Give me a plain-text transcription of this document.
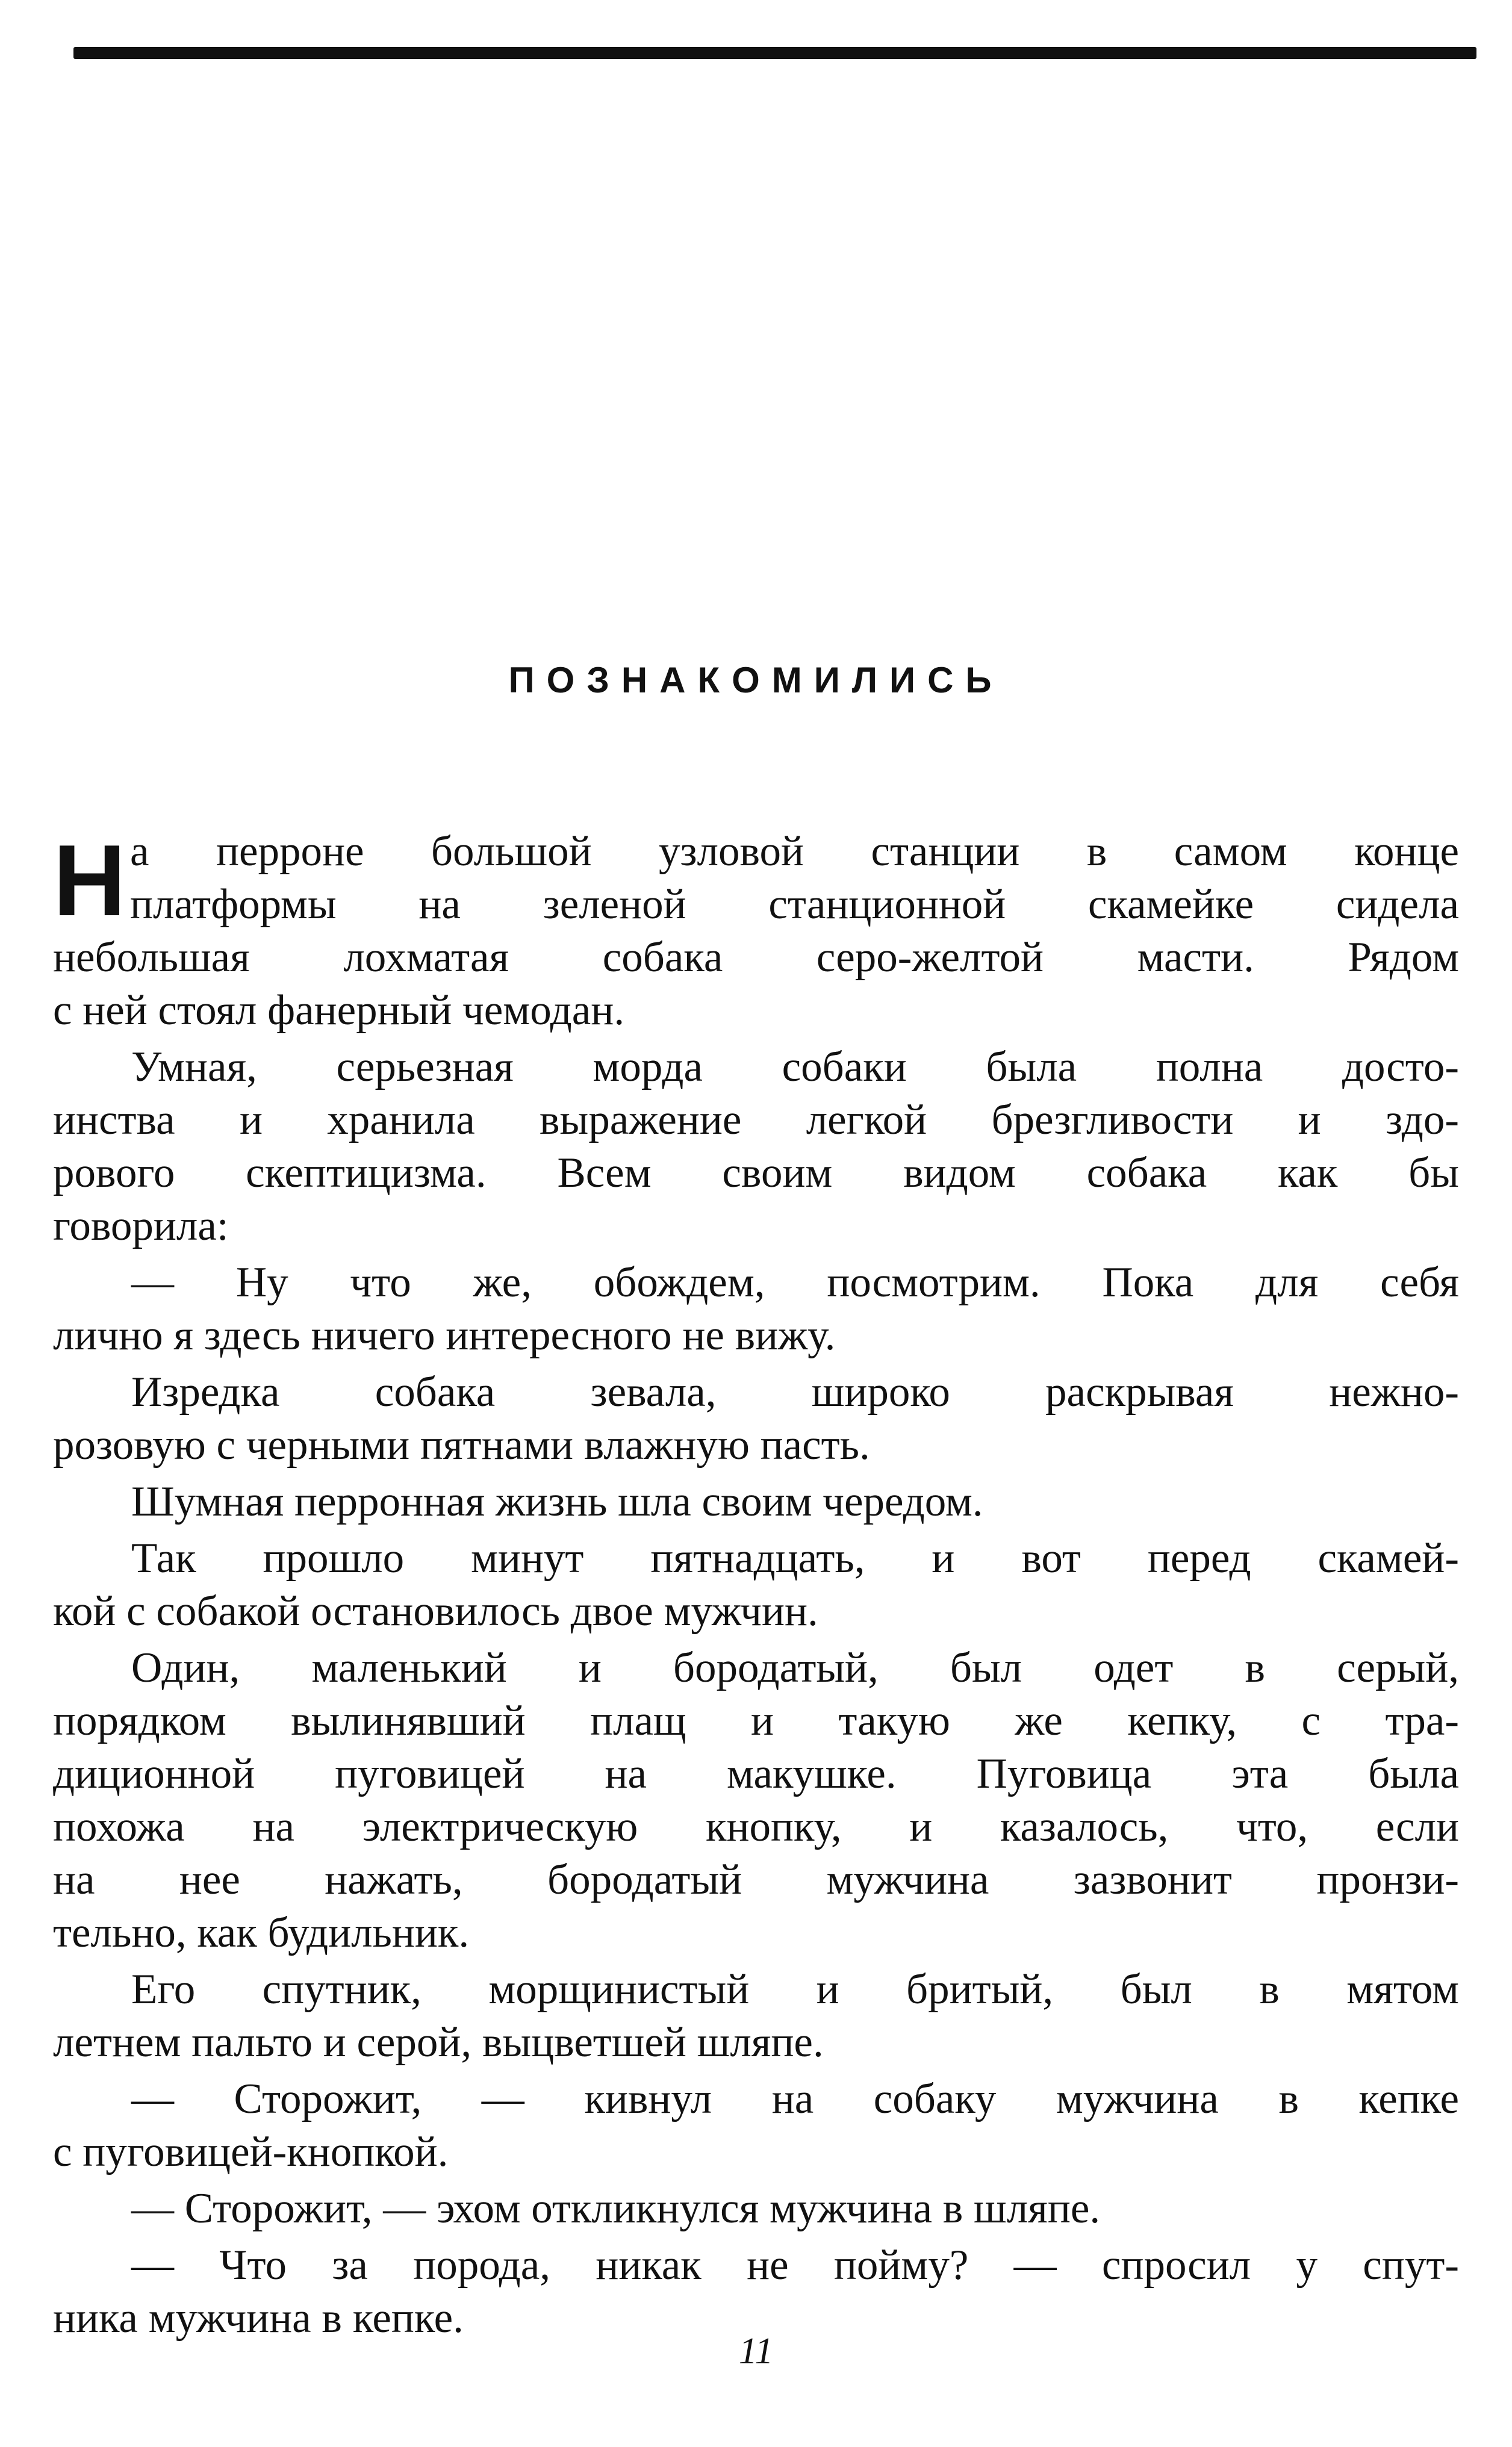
ПОЗНАКОМИЛИСЬ
Н а перроне большой узловой станции в самом конце
платформы на зеленой станционной скамейке сидела
небольшая лохматая собака серо-желтой масти. Рядом
с ней стоял фанерный чемодан.
Умная, серьезная морда собаки была полна досто-
инства и хранила выражение легкой брезгливости и здо-
рового скептицизма. Всем своим видом собака как бы
говорила:
— Ну что же, обождем, посмотрим. Пока для себя
лично я здесь ничего интересного не вижу.
Изредка собака зевала, широко раскрывая нежно-
розовую с черными пятнами влажную пасть.
Шумная перронная жизнь шла своим чередом.
Так прошло минут пятнадцать, и вот перед скамей-
кой с собакой остановилось двое мужчин.
Один, маленький и бородатый, был одет в серый,
порядком вылинявший плащ и такую же кепку, с тра-
диционной пуговицей на макушке. Пуговица эта была
похожа на электрическую кнопку, и казалось, что, если
на нее нажать, бородатый мужчина зазвонит пронзи-
тельно, как будильник.
Его спутник, морщинистый и бритый, был в мятом
летнем пальто и серой, выцветшей шляпе.
— Сторожит, — кивнул на собаку мужчина в кепке
с пуговицей-кнопкой.
— Сторожит, — эхом откликнулся мужчина в шляпе.
— Что за порода, никак не пойму? — спросил у спут-
ника мужчина в кепке.
11
